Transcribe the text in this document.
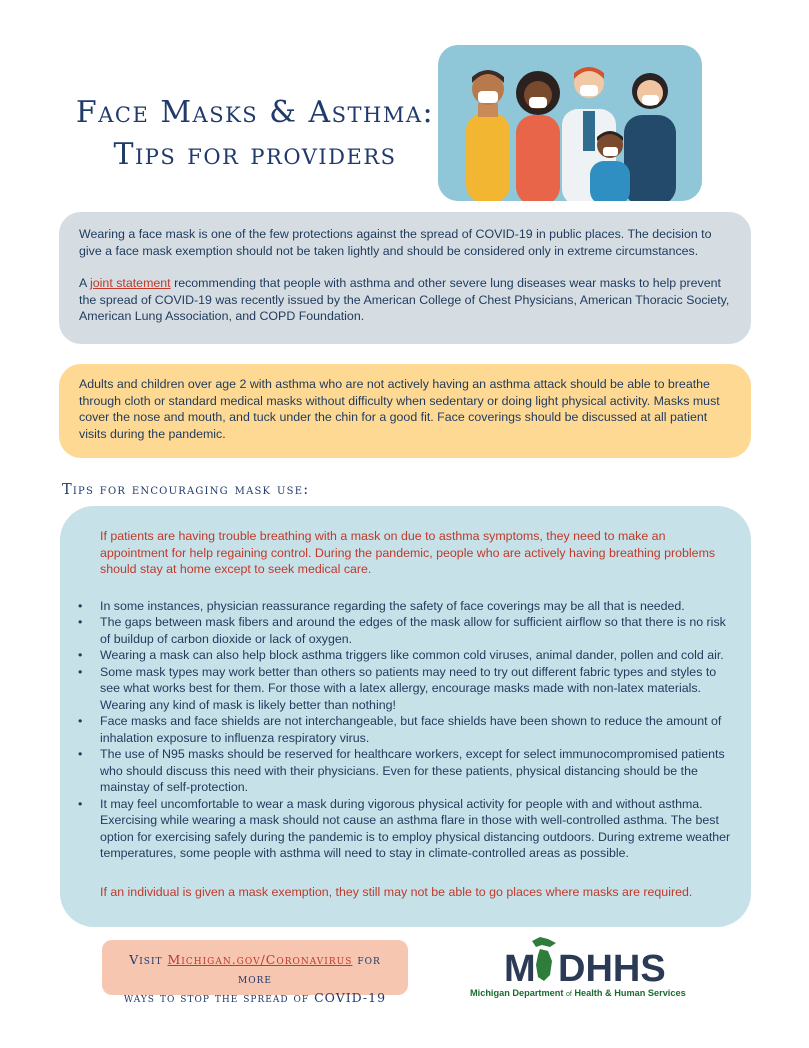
Face Masks & Asthma:
Tips for providers

Wearing a face mask is one of the few protections against the spread of COVID-19 in public places. The decision to give a face mask exemption should not be taken lightly and should be considered only in extreme circumstances.

A joint statement recommending that people with asthma and other severe lung diseases wear masks to help prevent the spread of COVID-19 was recently issued by the American College of Chest Physicians, American Thoracic Society, American Lung Association, and COPD Foundation.

Adults and children over age 2 with asthma who are not actively having an asthma attack should be able to breathe through cloth or standard medical masks without difficulty when sedentary or doing light physical activity. Masks must cover the nose and mouth, and tuck under the chin for a good fit. Face coverings should be discussed at all patient visits during the pandemic.
Tips for encouraging mask use:

If patients are having trouble breathing with a mask on due to asthma symptoms, they need to make an appointment for help regaining control. During the pandemic, people who are actively having breathing problems should stay at home except to seek medical care.

• In some instances, physician reassurance regarding the safety of face coverings may be all that is needed.
• The gaps between mask fibers and around the edges of the mask allow for sufficient airflow so that there is no risk of buildup of carbon dioxide or lack of oxygen.
• Wearing a mask can also help block asthma triggers like common cold viruses, animal dander, pollen and cold air.
• Some mask types may work better than others so patients may need to try out different fabric types and styles to see what works best for them. For those with a latex allergy, encourage masks made with non-latex materials. Wearing any kind of mask is likely better than nothing!
• Face masks and face shields are not interchangeable, but face shields have been shown to reduce the amount of inhalation exposure to influenza respiratory virus.
• The use of N95 masks should be reserved for healthcare workers, except for select immunocompromised patients who should discuss this need with their physicians. Even for these patients, physical distancing should be the mainstay of self-protection.
• It may feel uncomfortable to wear a mask during vigorous physical activity for people with and without asthma. Exercising while wearing a mask should not cause an asthma flare in those with well-controlled asthma. The best option for exercising safely during the pandemic is to employ physical distancing outdoors. During extreme weather temperatures, some people with asthma will need to stay in climate-controlled areas as possible.

If an individual is given a mask exemption, they still may not be able to go places where masks are required.

Visit Michigan.gov/Coronavirus for more
ways to stop the spread of COVID-19
M DHHS
Michigan Department of Health & Human Services
